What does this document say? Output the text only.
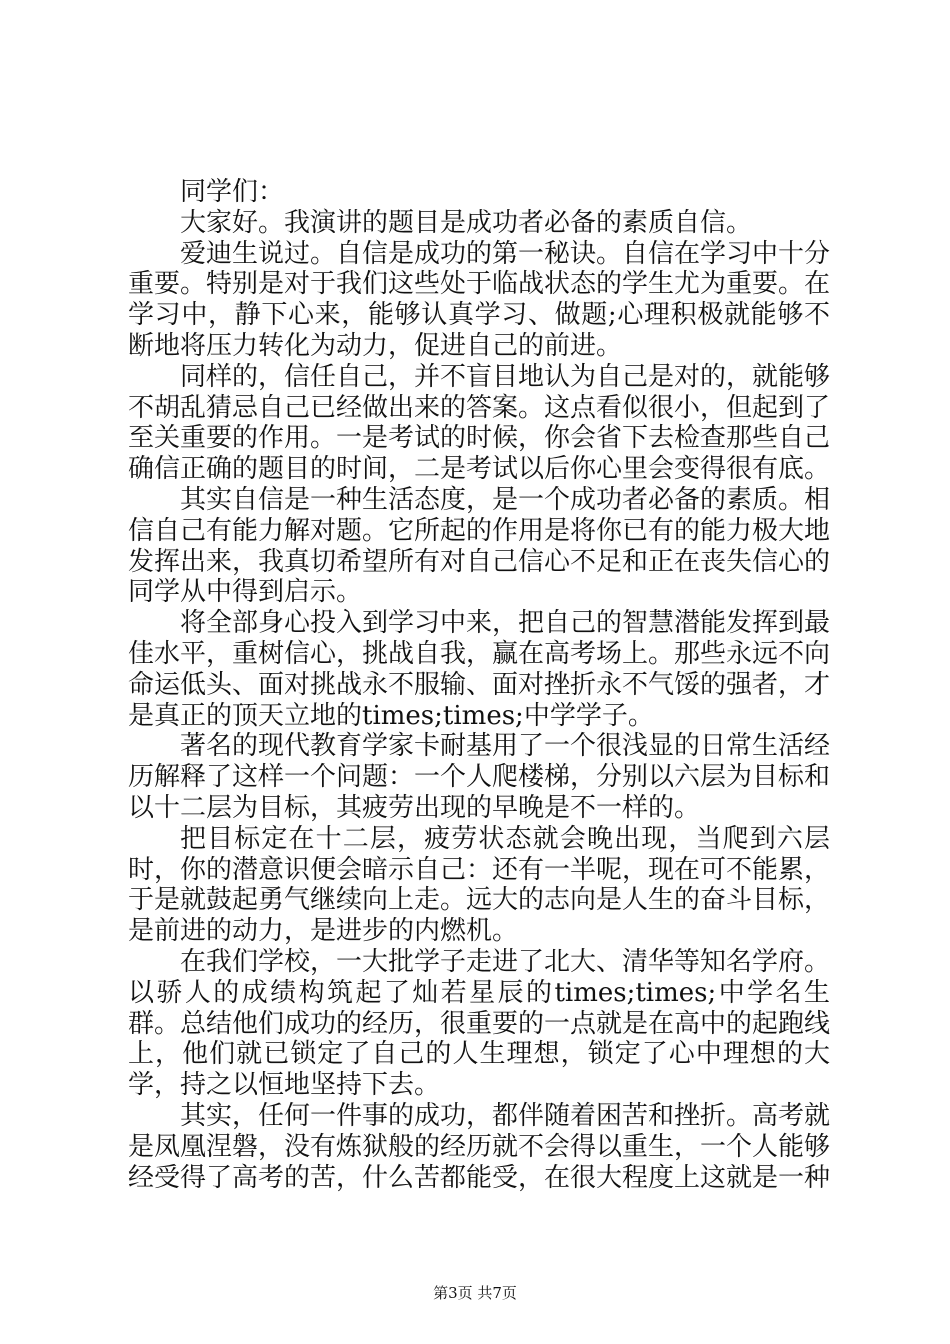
同学们：

大家好。我演讲的题目是成功者必备的素质自信。

爱迪生说过。自信是成功的第一秘诀。自信在学习中十分重要。特别是对于我们这些处于临战状态的学生尤为重要。在学习中，静下心来，能够认真学习、做题;心理积极就能够不断地将压力转化为动力，促进自己的前进。

同样的，信任自己，并不盲目地认为自己是对的，就能够不胡乱猜忌自己已经做出来的答案。这点看似很小，但起到了至关重要的作用。一是考试的时候，你会省下去检查那些自己确信正确的题目的时间，二是考试以后你心里会变得很有底。

其实自信是一种生活态度，是一个成功者必备的素质。相信自己有能力解对题。它所起的作用是将你已有的能力极大地发挥出来，我真切希望所有对自己信心不足和正在丧失信心的同学从中得到启示。

将全部身心投入到学习中来，把自己的智慧潜能发挥到最佳水平，重树信心，挑战自我，赢在高考场上。那些永远不向命运低头、面对挑战永不服输、面对挫折永不气馁的强者，才是真正的顶天立地的times;times;中学学子。

著名的现代教育学家卡耐基用了一个很浅显的日常生活经历解释了这样一个问题：一个人爬楼梯，分别以六层为目标和以十二层为目标，其疲劳出现的早晚是不一样的。

把目标定在十二层，疲劳状态就会晚出现，当爬到六层时，你的潜意识便会暗示自己：还有一半呢，现在可不能累，于是就鼓起勇气继续向上走。远大的志向是人生的奋斗目标，是前进的动力，是进步的内燃机。

在我们学校，一大批学子走进了北大、清华等知名学府。以骄人的成绩构筑起了灿若星辰的times;times;中学名生群。总结他们成功的经历，很重要的一点就是在高中的起跑线上，他们就已锁定了自己的人生理想，锁定了心中理想的大学，持之以恒地坚持下去。

其实，任何一件事的成功，都伴随着困苦和挫折。高考就是凤凰涅磐，没有炼狱般的经历就不会得以重生，一个人能够经受得了高考的苦，什么苦都能受，在很大程度上这就是一种

第3页 共7页
